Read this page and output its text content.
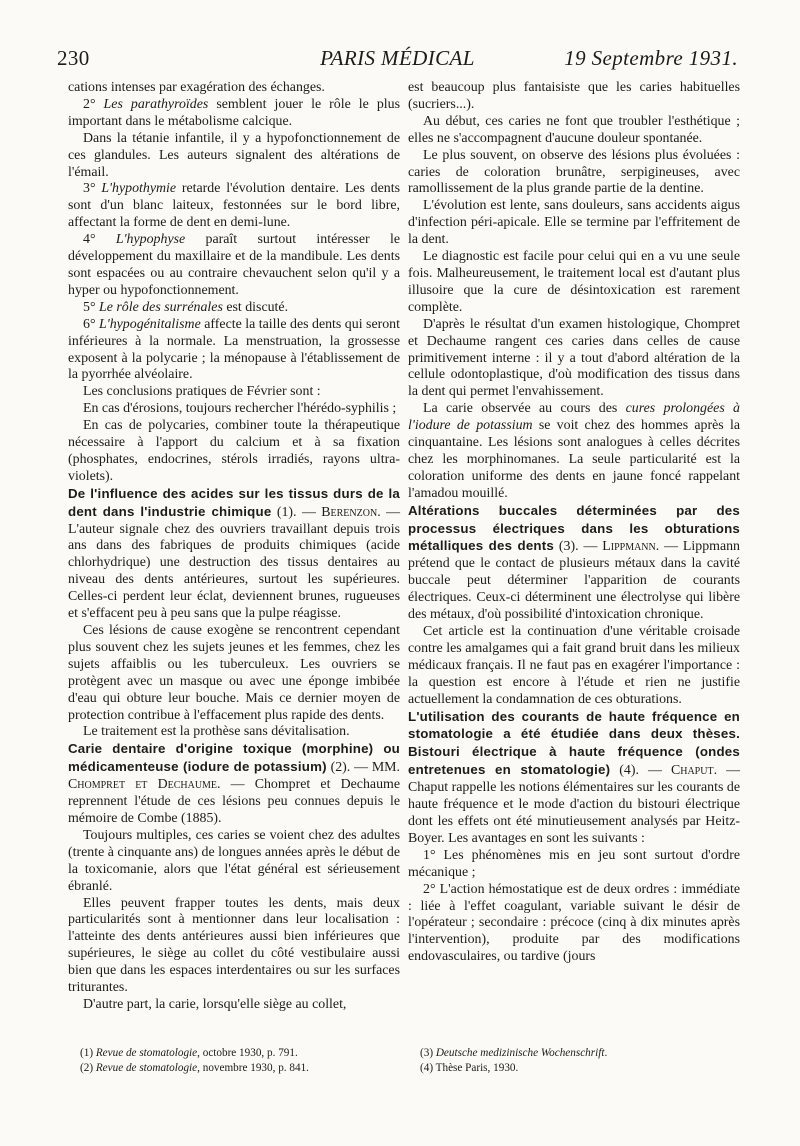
230	PARIS MÉDICAL	19 Septembre 1931.

cations intenses par exagération des échanges.

2° Les parathyroïdes semblent jouer le rôle le plus important dans le métabolisme calcique.

Dans la tétanie infantile, il y a hypofonctionnement de ces glandules. Les auteurs signalent des altérations de l'émail.

3° L'hypothymie retarde l'évolution dentaire. Les dents sont d'un blanc laiteux, festonnées sur le bord libre, affectant la forme de dent en demi-lune.

4° L'hypophyse paraît surtout intéresser le développement du maxillaire et de la mandibule. Les dents sont espacées ou au contraire chevauchent selon qu'il y a hyper ou hypofonctionnement.

5° Le rôle des surrénales est discuté.

6° L'hypogénitalisme affecte la taille des dents qui seront inférieures à la normale. La menstruation, la grossesse exposent à la polycarie ; la ménopause à l'établissement de la pyorrhée alvéolaire.

Les conclusions pratiques de Février sont :

En cas d'érosions, toujours rechercher l'hérédo-syphilis ;

En cas de polycaries, combiner toute la thérapeutique nécessaire à l'apport du calcium et à sa fixation (phosphates, endocrines, stérols irradiés, rayons ultra-violets).

De l'influence des acides sur les tissus durs de la dent dans l'industrie chimique (1). — Berenzon. — L'auteur signale chez des ouvriers travaillant depuis trois ans dans des fabriques de produits chimiques (acide chlorhydrique) une destruction des tissus dentaires au niveau des dents antérieures, surtout les supérieures. Celles-ci perdent leur éclat, deviennent brunes, rugueuses et s'effacent peu à peu sans que la pulpe réagisse.

Ces lésions de cause exogène se rencontrent cependant plus souvent chez les sujets jeunes et les femmes, chez les sujets affaiblis ou les tuberculeux. Les ouvriers se protègent avec un masque ou avec une éponge imbibée d'eau qui obture leur bouche. Mais ce dernier moyen de protection contribue à l'effacement plus rapide des dents.

Le traitement est la prothèse sans dévitalisation.

Carie dentaire d'origine toxique (morphine) ou médicamenteuse (iodure de potassium) (2). — MM. Chompret et Dechaume. — Chompret et Dechaume reprennent l'étude de ces lésions peu connues depuis le mémoire de Combe (1885).

Toujours multiples, ces caries se voient chez des adultes (trente à cinquante ans) de longues années après le début de la toxicomanie, alors que l'état général est sérieusement ébranlé.

Elles peuvent frapper toutes les dents, mais deux particularités sont à mentionner dans leur localisation : l'atteinte des dents antérieures aussi bien inférieures que supérieures, le siège au collet du côté vestibulaire aussi bien que dans les espaces interdentaires ou sur les surfaces triturantes.

D'autre part, la carie, lorsqu'elle siège au collet,

est beaucoup plus fantaisiste que les caries habituelles (sucriers...).

Au début, ces caries ne font que troubler l'esthétique ; elles ne s'accompagnent d'aucune douleur spontanée.

Le plus souvent, on observe des lésions plus évoluées : caries de coloration brunâtre, serpigineuses, avec ramollissement de la plus grande partie de la dentine.

L'évolution est lente, sans douleurs, sans accidents aigus d'infection péri-apicale. Elle se termine par l'effritement de la dent.

Le diagnostic est facile pour celui qui en a vu une seule fois. Malheureusement, le traitement local est d'autant plus illusoire que la cure de désintoxication est rarement complète.

D'après le résultat d'un examen histologique, Chompret et Dechaume rangent ces caries dans celles de cause primitivement interne : il y a tout d'abord altération de la cellule odontoplastique, d'où modification des tissus dans la dent qui permet l'envahissement.

La carie observée au cours des cures prolongées à l'iodure de potassium se voit chez des hommes après la cinquantaine. Les lésions sont analogues à celles décrites chez les morphinomanes. La seule particularité est la coloration uniforme des dents en jaune foncé rappelant l'amadou mouillé.

Altérations buccales déterminées par des processus électriques dans les obturations métalliques des dents (3). — Lippmann. — Lippmann prétend que le contact de plusieurs métaux dans la cavité buccale peut déterminer l'apparition de courants électriques. Ceux-ci déterminent une électrolyse qui libère des métaux, d'où possibilité d'intoxication chronique.

Cet article est la continuation d'une véritable croisade contre les amalgames qui a fait grand bruit dans les milieux médicaux français. Il ne faut pas en exagérer l'importance : la question est encore à l'étude et rien ne justifie actuellement la condamnation de ces obturations.

L'utilisation des courants de haute fréquence en stomatologie a été étudiée dans deux thèses. Bistouri électrique à haute fréquence (ondes entretenues en stomatologie) (4). — Chaput. — Chaput rappelle les notions élémentaires sur les courants de haute fréquence et le mode d'action du bistouri électrique dont les effets ont été minutieusement analysés par Heitz-Boyer. Les avantages en sont les suivants :

1° Les phénomènes mis en jeu sont surtout d'ordre mécanique ;

2° L'action hémostatique est de deux ordres : immédiate : liée à l'effet coagulant, variable suivant le désir de l'opérateur ; secondaire : précoce (cinq à dix minutes après l'intervention), produite par des modifications endovasculaires, ou tardive (jours

(1) Revue de stomatologie, octobre 1930, p. 791.
(2) Revue de stomatologie, novembre 1930, p. 841.
(3) Deutsche medizinische Wochenschrift.
(4) Thèse Paris, 1930.
